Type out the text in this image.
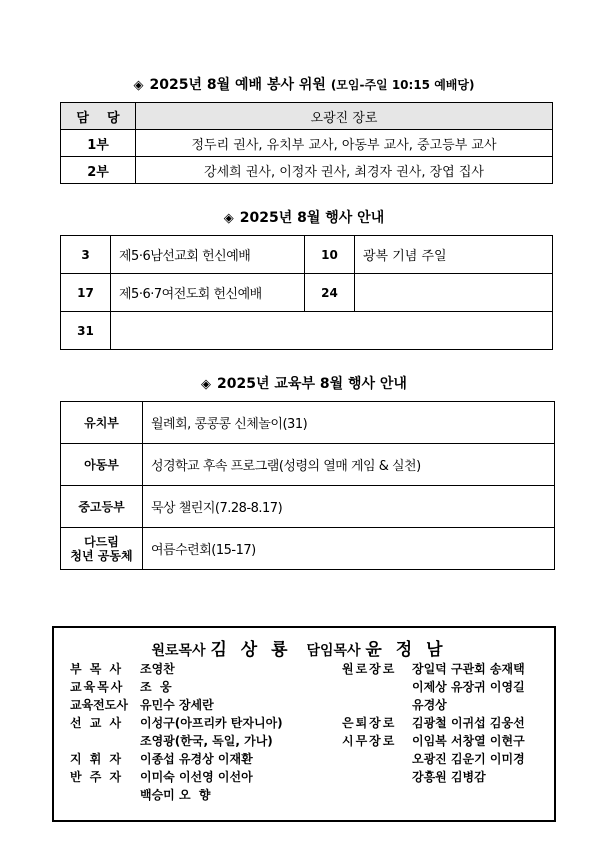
◈ 2025년 8월 예배 봉사 위원 (모임-주일 10:15 예배당)
담    당	오광진 장로
1부	정두리 권사, 유치부 교사, 아동부 교사, 중고등부 교사
2부	강세희 권사, 이정자 권사, 최경자 권사, 장엽 집사
◈ 2025년 8월 행사 안내
3	제5·6남선교회 헌신예배	10	광복 기념 주일
17	제5·6·7여전도회 헌신예배	24	
31			
◈ 2025년 교육부 8월 행사 안내
유치부	월례회, 콩콩콩 신체놀이(31)
아동부	성경학교 후속 프로그램(성령의 열매 게임 & 실천)
중고등부	묵상 챌린지(7.28-8.17)

다드림
청년 공동체	여름수련회(15-17)
원로목사 김 상 룡 담임목사 윤 정 남
부 목 사 조영찬
교육목사 조  웅
교육전도사 유민수 장세란
선 교 사 이성구(아프리카 탄자니아)
조영광(한국, 독일, 가나)
지 휘 자 이종섭 유경상 이재환
반 주 자 이미숙 이선영 이선아
백승미 오  향
원로장로 장일덕 구관회 송재택
이제상 유장귀 이영길
유경상
은퇴장로 김광철 이귀섭 김웅선
시무장로 이임복 서창열 이현구
오광진 김운기 이미경
강흥원 김병감
